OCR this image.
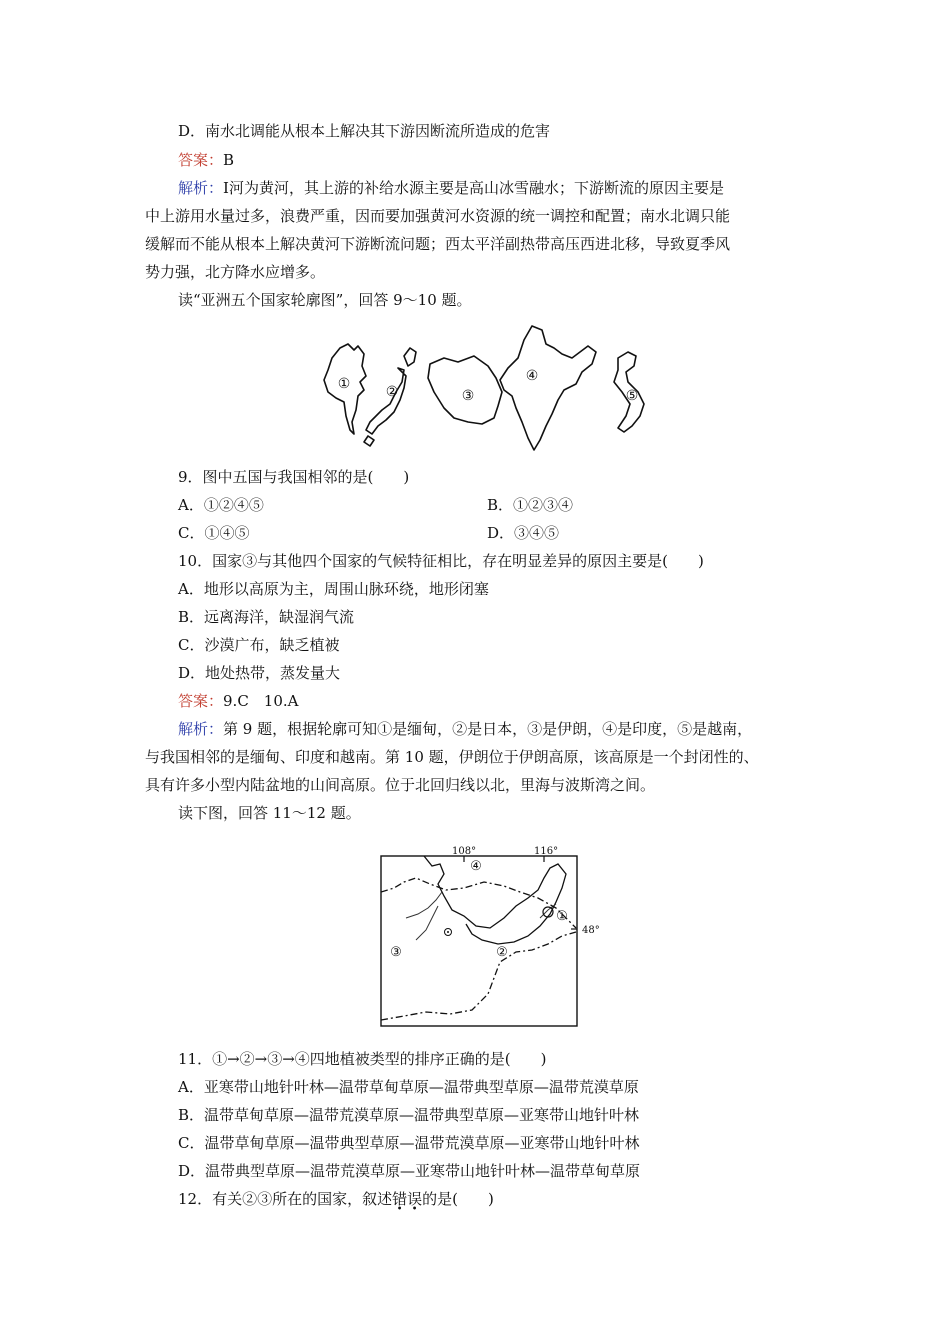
D．南水北调能从根本上解决其下游因断流所造成的危害
答案：B
解析：Ⅰ河为黄河，其上游的补给水源主要是高山冰雪融水；下游断流的原因主要是
中上游用水量过多，浪费严重，因而要加强黄河水资源的统一调控和配置；南水北调只能
缓解而不能从根本上解决黄河下游断流问题；西太平洋副热带高压西进北移，导致夏季风
势力强，北方降水应增多。
读“亚洲五个国家轮廓图”，回答 9～10 题。
①	②	③
④
⑤
9．图中五国与我国相邻的是(　　)
A．①②④⑤	B．①②③④
C．①④⑤	D．③④⑤
10．国家③与其他四个国家的气候特征相比，存在明显差异的原因主要是(　　)
A．地形以高原为主，周围山脉环绕，地形闭塞
B．远离海洋，缺湿润气流
C．沙漠广布，缺乏植被
D．地处热带，蒸发量大
答案：9.C　10.A
解析：第 9 题，根据轮廓可知①是缅甸，②是日本，③是伊朗，④是印度，⑤是越南，
与我国相邻的是缅甸、印度和越南。第 10 题，伊朗位于伊朗高原，该高原是一个封闭性的、
具有许多小型内陆盆地的山间高原。位于北回归线以北，里海与波斯湾之间。
读下图，回答 11～12 题。
108°	116°
48°
①
②
③
④
11．①→②→③→④四地植被类型的排序正确的是(　　)
A．亚寒带山地针叶林—温带草甸草原—温带典型草原—温带荒漠草原
B．温带草甸草原—温带荒漠草原—温带典型草原—亚寒带山地针叶林
C．温带草甸草原—温带典型草原—温带荒漠草原—亚寒带山地针叶林
D．温带典型草原—温带荒漠草原—亚寒带山地针叶林—温带草甸草原
12．有关②③所在的国家，叙述错误的是(　　)
